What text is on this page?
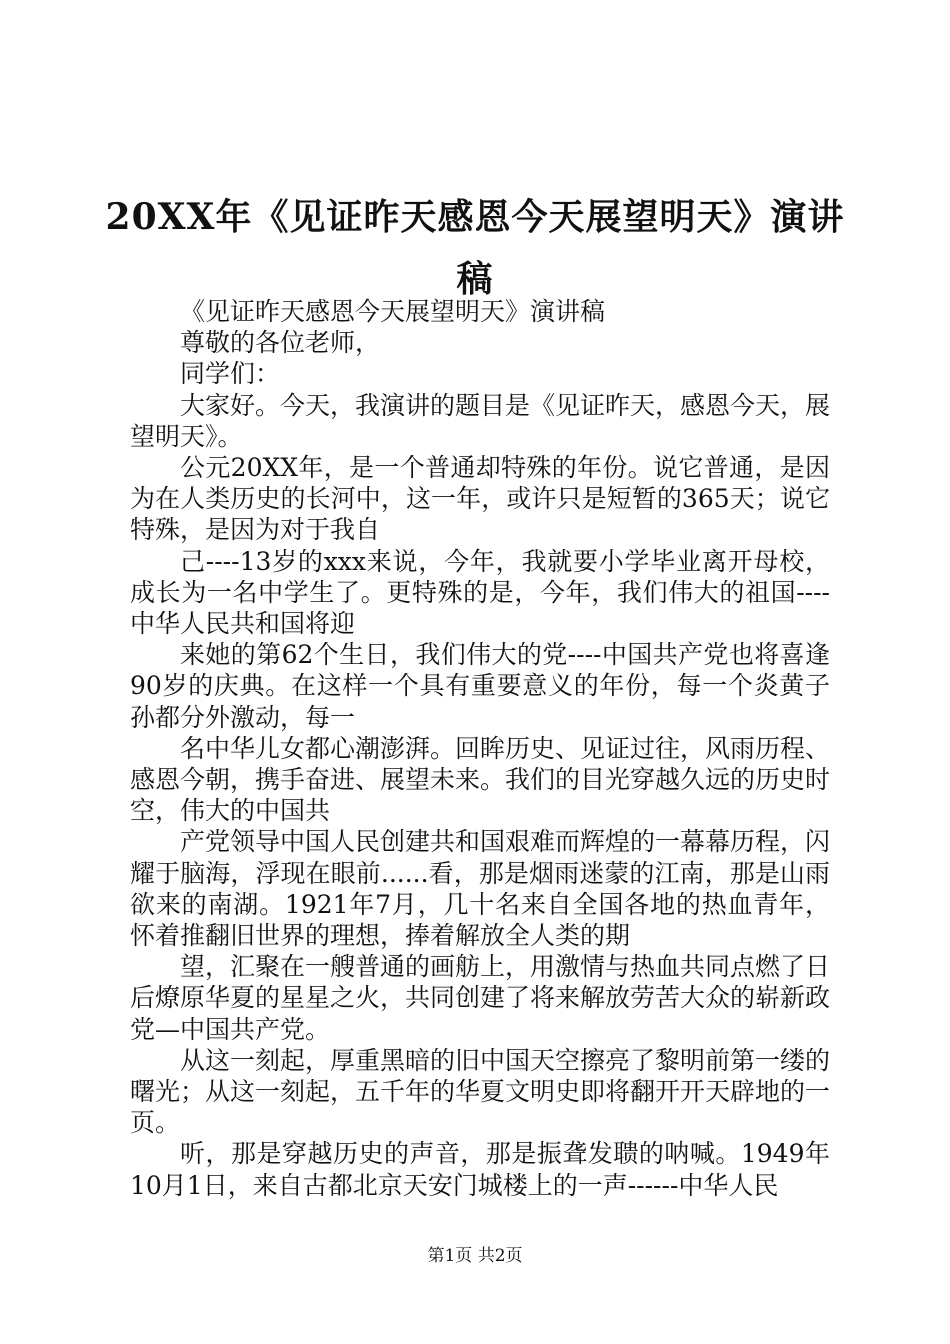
20XX年《见证昨天感恩今天展望明天》演讲稿

《见证昨天感恩今天展望明天》演讲稿

尊敬的各位老师，

同学们：

大家好。今天，我演讲的题目是《见证昨天，感恩今天，展望明天》。

公元20XX年，是一个普通却特殊的年份。说它普通，是因为在人类历史的长河中，这一年，或许只是短暂的365天；说它特殊，是因为对于我自

己----13岁的xxx来说，今年，我就要小学毕业离开母校，成长为一名中学生了。更特殊的是，今年，我们伟大的祖国----中华人民共和国将迎

来她的第62个生日，我们伟大的党----中国共产党也将喜逢90岁的庆典。在这样一个具有重要意义的年份，每一个炎黄子孙都分外激动，每一

名中华儿女都心潮澎湃。回眸历史、见证过往，风雨历程、感恩今朝，携手奋进、展望未来。我们的目光穿越久远的历史时空，伟大的中国共

产党领导中国人民创建共和国艰难而辉煌的一幕幕历程，闪耀于脑海，浮现在眼前......看，那是烟雨迷蒙的江南，那是山雨欲来的南湖。1921年7月，几十名来自全国各地的热血青年，怀着推翻旧世界的理想，捧着解放全人类的期

望，汇聚在一艘普通的画舫上，用激情与热血共同点燃了日后燎原华夏的星星之火，共同创建了将来解放劳苦大众的崭新政党—中国共产党。

从这一刻起，厚重黑暗的旧中国天空擦亮了黎明前第一缕的曙光；从这一刻起，五千年的华夏文明史即将翻开开天辟地的一页。

听，那是穿越历史的声音，那是振聋发聩的呐喊。1949年10月1日，来自古都北京天安门城楼上的一声------中华人民

第1页 共2页
